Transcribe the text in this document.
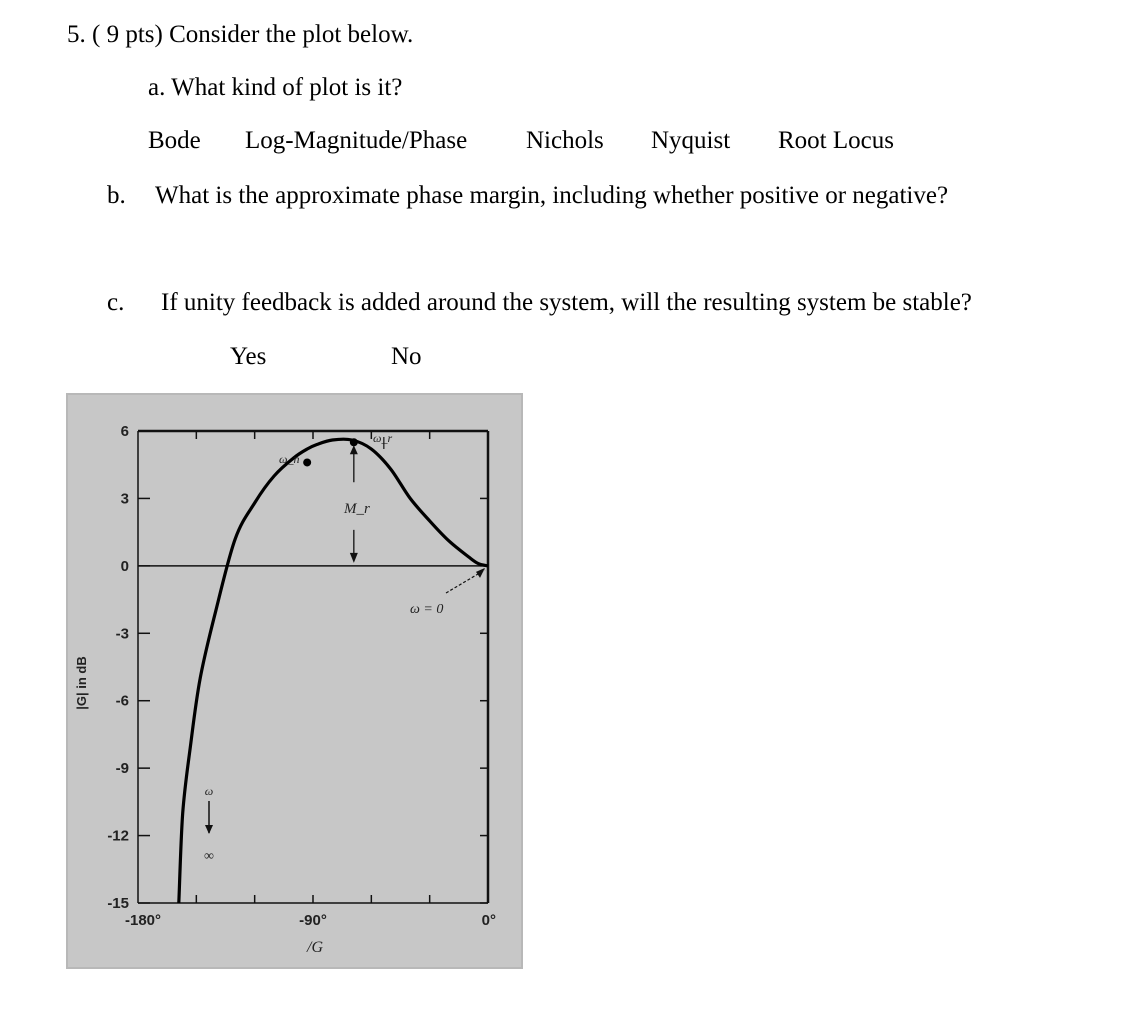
5. ( 9 pts) Consider the plot below.
a. What kind of plot is it?
Bode Log-Magnitude/Phase Nichols Nyquist Root Locus
b. What is the approximate phase margin, including whether positive or negative?
c. If unity feedback is added around the system, will the resulting system be stable?
Yes	No
6
3
0
-3
-6
-9
-12
-15
-180°	-90°	0°
/G
ω_n
ω_r
M_r
ω = 0
ω
∞
|G| in dB
